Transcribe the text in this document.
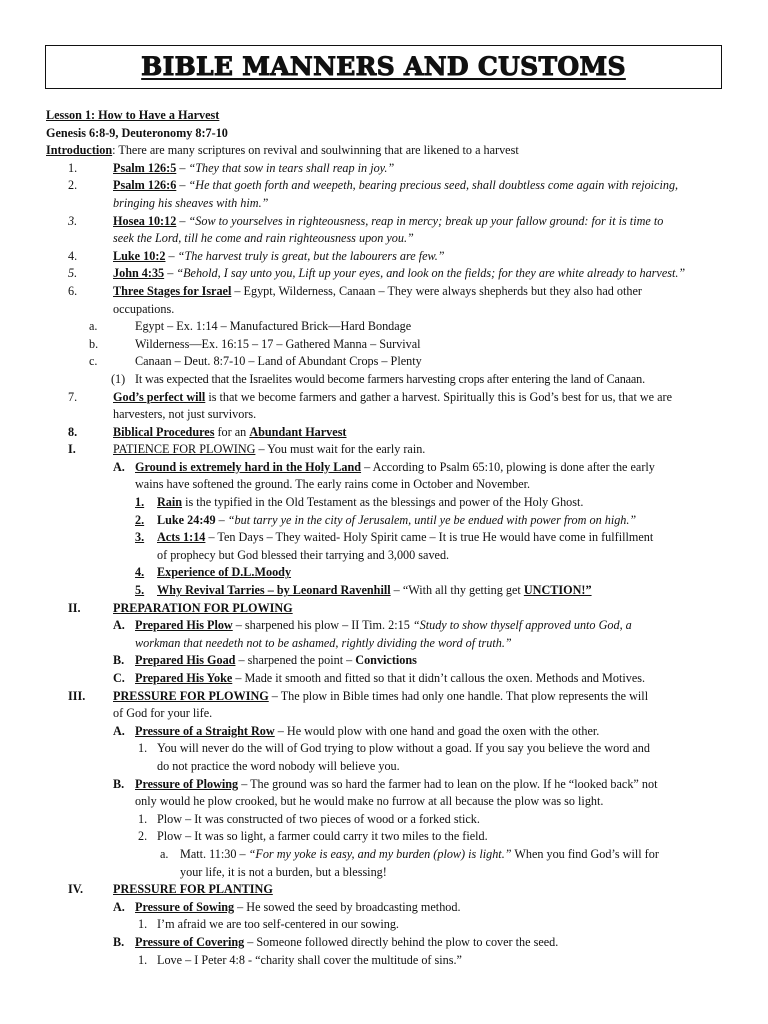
BIBLE MANNERS AND CUSTOMS
Lesson 1: How to Have a Harvest
Genesis 6:8-9, Deuteronomy 8:7-10
Introduction: There are many scriptures on revival and soulwinning that are likened to a harvest
1.	Psalm 126:5 – “They that sow in tears shall reap in joy.”
2.	Psalm 126:6 – “He that goeth forth and weepeth, bearing precious seed, shall doubtless come again with rejoicing,
bringing his sheaves with him.”
3.	Hosea 10:12 – “Sow to yourselves in righteousness, reap in mercy; break up your fallow ground: for it is time to
seek the Lord, till he come and rain righteousness upon you.”
4.	Luke 10:2 – “The harvest truly is great, but the labourers are few.”
5.	John 4:35 – “Behold, I say unto you, Lift up your eyes, and look on the fields; for they are white already to harvest.”
6.	Three Stages for Israel – Egypt, Wilderness, Canaan – They were always shepherds but they also had other
occupations.
a.	Egypt – Ex. 1:14 – Manufactured Brick—Hard Bondage
b.	Wilderness—Ex. 16:15 – 17 – Gathered Manna – Survival
c.	Canaan – Deut. 8:7-10 – Land of Abundant Crops – Plenty
(1) It was expected that the Israelites would become farmers harvesting crops after entering the land of Canaan.
7.	God’s perfect will is that we become farmers and gather a harvest. Spiritually this is God’s best for us, that we are
harvesters, not just survivors.
8.	Biblical Procedures for an Abundant Harvest
I.	PATIENCE FOR PLOWING – You must wait for the early rain.
A. Ground is extremely hard in the Holy Land – According to Psalm 65:10, plowing is done after the early
wains have softened the ground. The early rains come in October and November.
1. Rain is the typified in the Old Testament as the blessings and power of the Holy Ghost.
2. Luke 24:49 – “but tarry ye in the city of Jerusalem, until ye be endued with power from on high.”
3. Acts 1:14 – Ten Days – They waited- Holy Spirit came – It is true He would have come in fulfillment
of prophecy but God blessed their tarrying and 3,000 saved.
4. Experience of D.L.Moody
5. Why Revival Tarries – by Leonard Ravenhill – “With all thy getting get UNCTION!”
II.	PREPARATION FOR PLOWING
A. Prepared His Plow – sharpened his plow – II Tim. 2:15 “Study to show thyself approved unto God, a
workman that needeth not to be ashamed, rightly dividing the word of truth.”
B. Prepared His Goad – sharpened the point – Convictions
C. Prepared His Yoke – Made it smooth and fitted so that it didn’t callous the oxen. Methods and Motives.
III. PRESSURE FOR PLOWING – The plow in Bible times had only one handle. That plow represents the will
of God for your life.
A. Pressure of a Straight Row – He would plow with one hand and goad the oxen with the other.
1. You will never do the will of God trying to plow without a goad. If you say you believe the word and
do not practice the word nobody will believe you.
B. Pressure of Plowing – The ground was so hard the farmer had to lean on the plow. If he “looked back” not
only would he plow crooked, but he would make no furrow at all because the plow was so light.
1. Plow – It was constructed of two pieces of wood or a forked stick.
2. Plow – It was so light, a farmer could carry it two miles to the field.
a. Matt. 11:30 – “For my yoke is easy, and my burden (plow) is light.” When you find God’s will for
your life, it is not a burden, but a blessing!
IV. PRESSURE FOR PLANTING
A. Pressure of Sowing – He sowed the seed by broadcasting method.
1. I’m afraid we are too self-centered in our sowing.
B. Pressure of Covering – Someone followed directly behind the plow to cover the seed.
1. Love – I Peter 4:8 - “charity shall cover the multitude of sins.”
